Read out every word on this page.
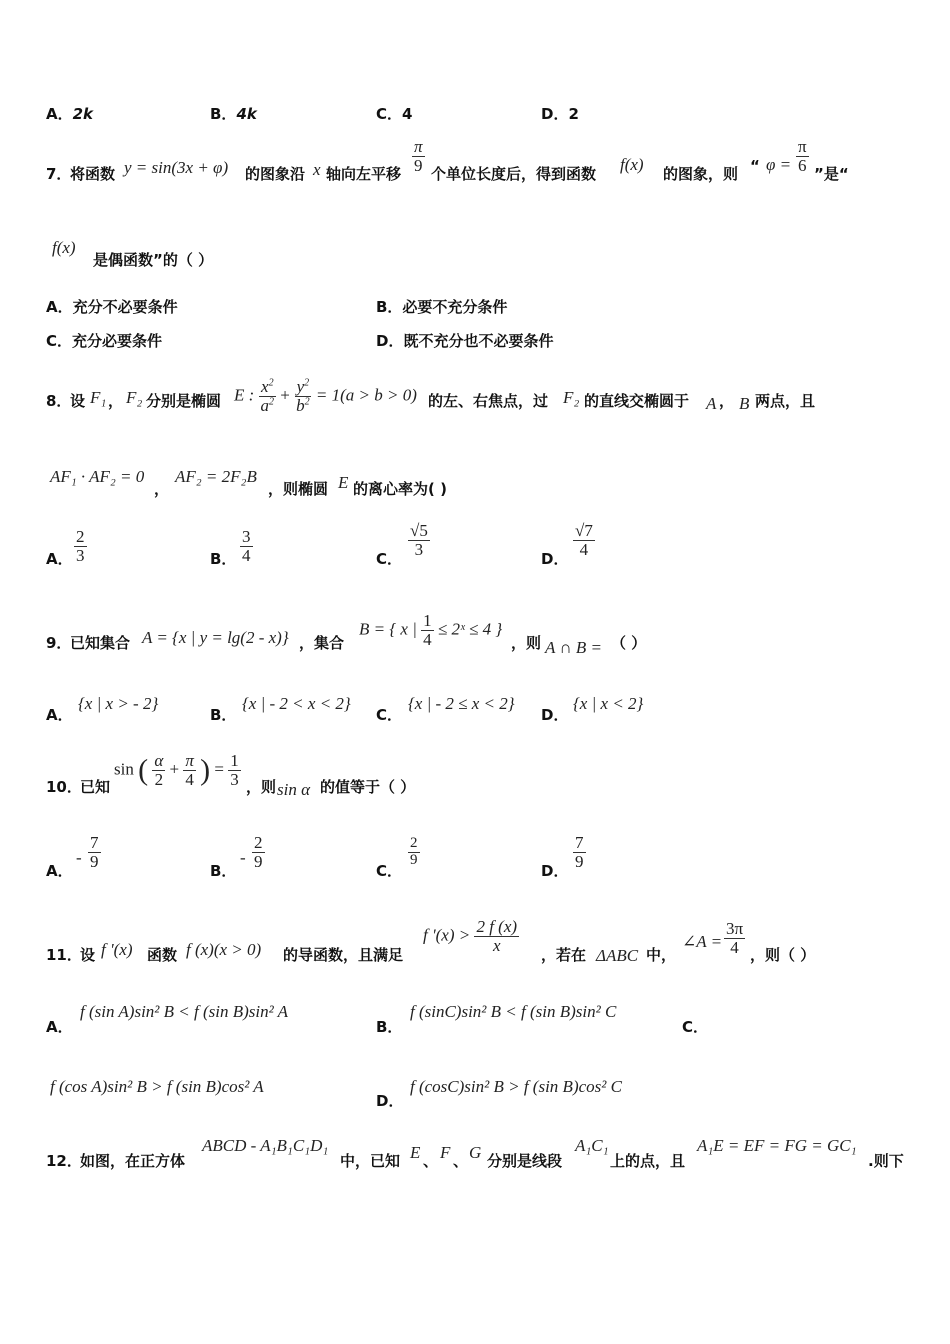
A．2k	B．4k	C．4	D．2
7．
将函数 y = sin(3x + φ) 的图象沿 x 轴向左平移 $\frac{\pi}{9}$ 个单位长度后，得到函数 f(x) 的图象，则 “ $\varphi = \frac{\pi}{6}$ ”是“
f(x)
是偶函数”的（ ）
A．充分不必要条件	B．必要不充分条件
C．充分必要条件	D．既不充分也不必要条件
8．
设 F₁ ， F₂ 分别是椭圆 E : $\frac{x^2}{a^2} + \frac{y^2}{b^2} = 1(a > b > 0)$ 的左、右焦点，过 F₂ 的直线交椭圆于 A ， B 两点，且
AF₁ · AF₂ = 0
，
AF₂ = 2F₂B
，则椭圆 E 的离心率为( )
A． $\frac{2}{3}$	B． $\frac{3}{4}$	C．
$\frac{√5}{3}$
D．
$\frac{√7}{4}$
9．
已知集合 A = {x | y = lg(2 - x)} ，集合
B = { x | $\frac{1}{4}$ ≤ 2ˣ ≤ 4 }
，则 A ∩ B = （ ）
A．
{x | x > - 2}
B．
{x | - 2 < x < 2}
C．
{x | - 2 ≤ x < 2}
D．
{x | x < 2}
10．
已知
sin ( $\frac{\alpha}{2} + \frac{\pi}{4}$ ) = $\frac{1}{3}$ ，则 sin α 的值等于（ ）
A．
- $\frac{7}{9}$
B．
- $\frac{2}{9}$
C．
$\frac{2}{9}$
D．
$\frac{7}{9}$
11．
设 f '(x) 函数 f (x)(x > 0) 的导函数，且满足
f '$(x) > \frac{2 f (x)}{x}$
，若在 ΔABC 中，
∠A = $\frac{3\pi}{4}$ ，则（ ）
A．
f (sin A)sin² B < f (sin B)sin² A
B．
f (sinC)sin² B < f (sin B)sin² C
C．
f (cos A)sin² B > f (sin B)cos² A
D．
f (cosC)sin² B > f (sin B)cos² C
12．
如图，在正方体
ABCD - A₁B₁C₁D₁
中，已知 E 、 F 、 G 分别是线段
A₁C₁
上的点，且
A₁E = EF = FG = GC₁
.则下
